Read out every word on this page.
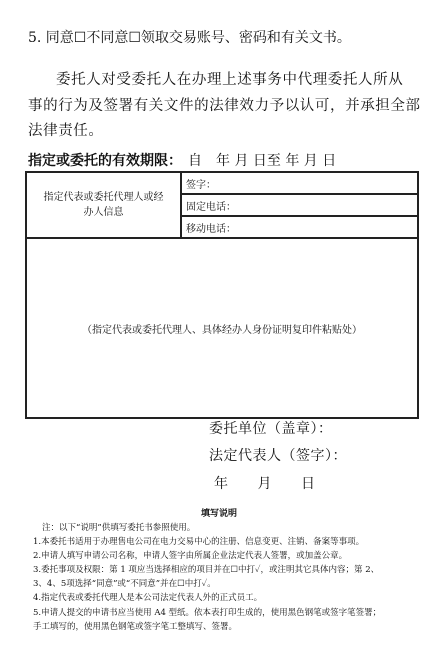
5. 同意☐不同意☐领取交易账号、密码和有关文书。
委托人对受委托人在办理上述事务中代理委托人所从
事的行为及签署有关文件的法律效力予以认可，并承担全部
法律责任。
指定或委托的有效期限： 自　年 月 日至 年 月 日
指定代表或委托代理人或经办人信息
	签字：
固定电话：
移动电话：
（指定代表或委托代理人、具体经办人身份证明复印件粘贴处）
委托单位（盖章）：
法定代表人（签字）：
年　　月　　日
填写说明
注：以下“说明”供填写委托书参照使用。
1.本委托书适用于办理售电公司在电力交易中心的注册、信息变更、注销、备案等事项。
2.申请人填写申请公司名称，申请人签字由所属企业法定代表人签署，或加盖公章。
3.委托事项及权限：第 1 项应当选择相应的项目并在☐中打✓，或注明其它具体内容；第 2、
3、4、5项选择“同意”或“不同意”并在☐中打✓。
4.指定代表或委托代理人是本公司法定代表人外的正式员工。
5.申请人提交的申请书应当使用 A4 型纸。依本表打印生成的，使用黑色钢笔或签字笔签署；
手工填写的，使用黑色钢笔或签字笔工整填写、签署。
